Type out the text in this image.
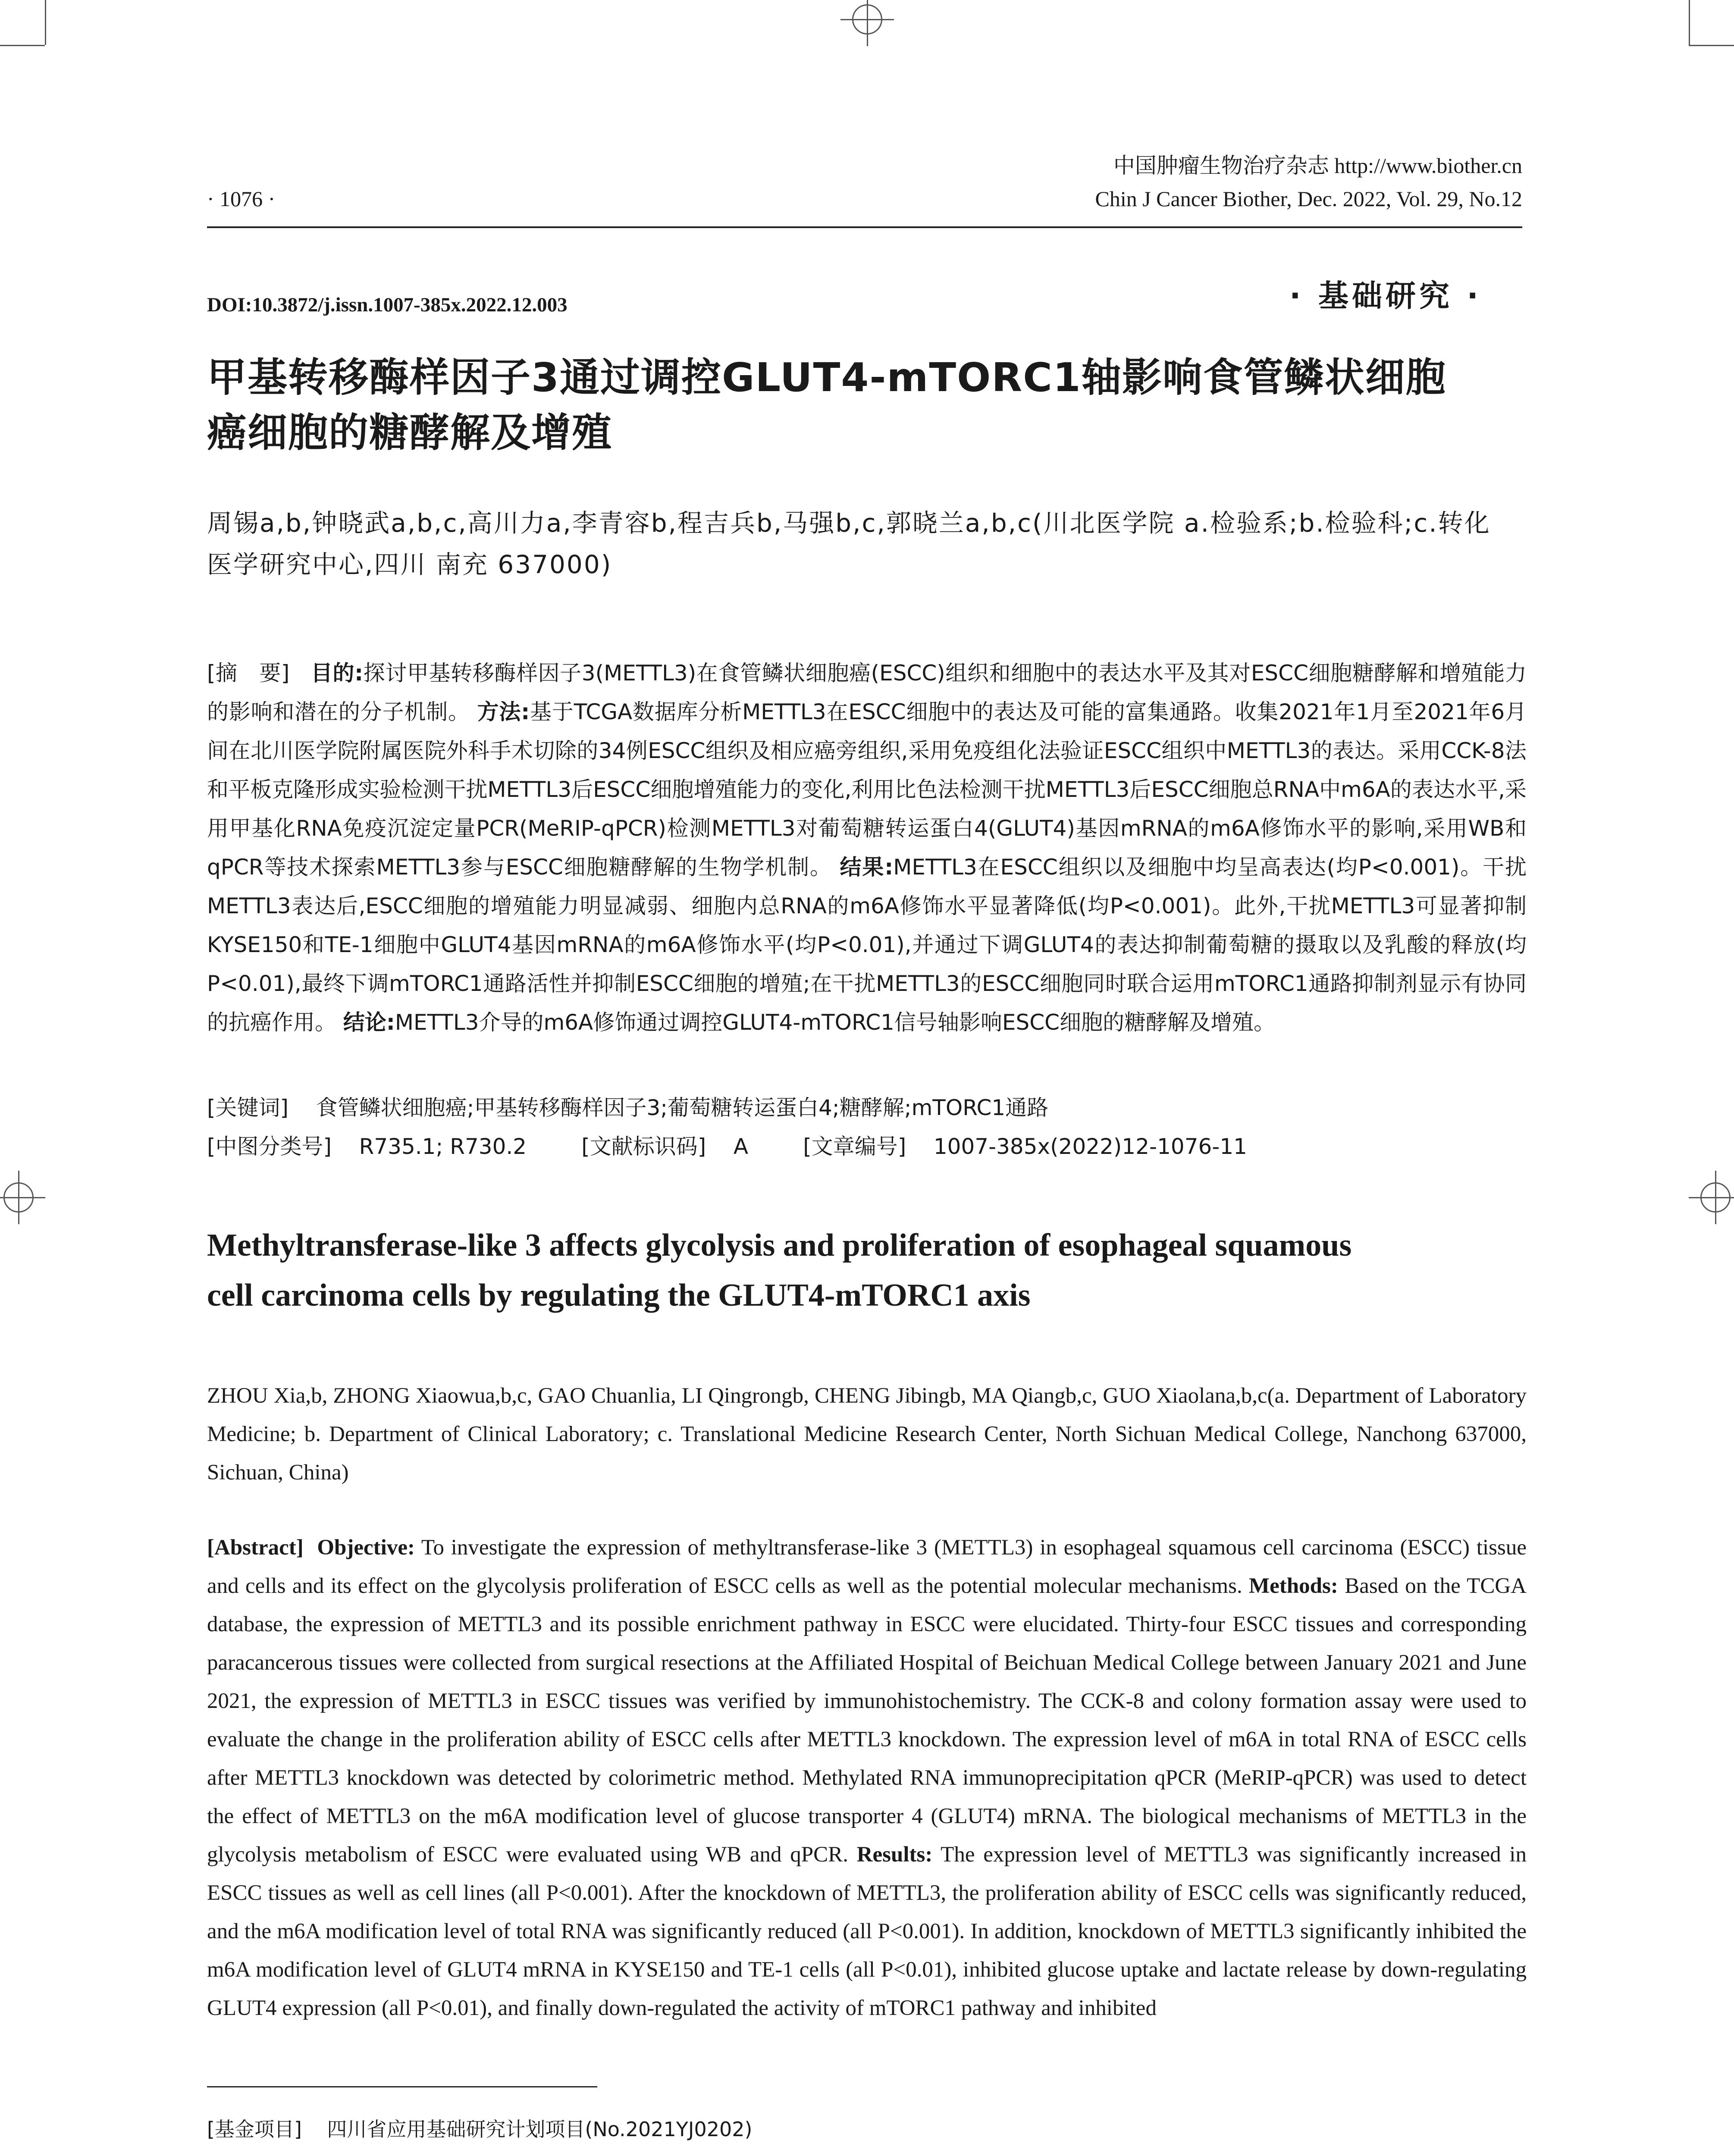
· 1076 ·
中国肿瘤生物治疗杂志 http://www.biother.cn
Chin J Cancer Biother, Dec. 2022, Vol. 29, No.12
DOI:10.3872/j.issn.1007-385x.2022.12.003	· 基础研究 ·
甲基转移酶样因子3通过调控GLUT4-mTORC1轴影响食管鳞状细胞
癌细胞的糖酵解及增殖
周锡a,b,钟晓武a,b,c,高川力a,李青容b,程吉兵b,马强b,c,郭晓兰a,b,c(川北医学院 a.检验系;b.检验科;c.转化
医学研究中心,四川 南充 637000)
[摘　要] 目的:探讨甲基转移酶样因子3(METTL3)在食管鳞状细胞癌(ESCC)组织和细胞中的表达水平及其对ESCC细胞糖酵解和增殖能力的影响和潜在的分子机制。 方法:基于TCGA数据库分析METTL3在ESCC细胞中的表达及可能的富集通路。收集2021年1月至2021年6月间在北川医学院附属医院外科手术切除的34例ESCC组织及相应癌旁组织,采用免疫组化法验证ESCC组织中METTL3的表达。采用CCK-8法和平板克隆形成实验检测干扰METTL3后ESCC细胞增殖能力的变化,利用比色法检测干扰METTL3后ESCC细胞总RNA中m6A的表达水平,采用甲基化RNA免疫沉淀定量PCR(MeRIP-qPCR)检测METTL3对葡萄糖转运蛋白4(GLUT4)基因mRNA的m6A修饰水平的影响,采用WB和qPCR等技术探索METTL3参与ESCC细胞糖酵解的生物学机制。 结果:METTL3在ESCC组织以及细胞中均呈高表达(均P<0.001)。干扰METTL3表达后,ESCC细胞的增殖能力明显减弱、细胞内总RNA的m6A修饰水平显著降低(均P<0.001)。此外,干扰METTL3可显著抑制KYSE150和TE-1细胞中GLUT4基因mRNA的m6A修饰水平(均P<0.01),并通过下调GLUT4的表达抑制葡萄糖的摄取以及乳酸的释放(均P<0.01),最终下调mTORC1通路活性并抑制ESCC细胞的增殖;在干扰METTL3的ESCC细胞同时联合运用mTORC1通路抑制剂显示有协同的抗癌作用。 结论:METTL3介导的m6A修饰通过调控GLUT4-mTORC1信号轴影响ESCC细胞的糖酵解及增殖。
[关键词] 食管鳞状细胞癌;甲基转移酶样因子3;葡萄糖转运蛋白4;糖酵解;mTORC1通路
[中图分类号] R735.1; R730.2	[文献标识码] A	[文章编号] 1007-385x(2022)12-1076-11
Methyltransferase-like 3 affects glycolysis and proliferation of esophageal squamous
cell carcinoma cells by regulating the GLUT4-mTORC1 axis
ZHOU Xia,b, ZHONG Xiaowua,b,c, GAO Chuanlia, LI Qingrongb, CHENG Jibingb, MA Qiangb,c, GUO Xiaolana,b,c(a. Department of Laboratory Medicine; b. Department of Clinical Laboratory; c. Translational Medicine Research Center, North Sichuan Medical College, Nanchong 637000, Sichuan, China)
[Abstract] Objective: To investigate the expression of methyltransferase-like 3 (METTL3) in esophageal squamous cell carcinoma (ESCC) tissue and cells and its effect on the glycolysis proliferation of ESCC cells as well as the potential molecular mechanisms. Methods: Based on the TCGA database, the expression of METTL3 and its possible enrichment pathway in ESCC were elucidated. Thirty-four ESCC tissues and corresponding paracancerous tissues were collected from surgical resections at the Affiliated Hospital of Beichuan Medical College between January 2021 and June 2021, the expression of METTL3 in ESCC tissues was verified by immunohistochemistry. The CCK-8 and colony formation assay were used to evaluate the change in the proliferation ability of ESCC cells after METTL3 knockdown. The expression level of m6A in total RNA of ESCC cells after METTL3 knockdown was detected by colorimetric method. Methylated RNA immunoprecipitation qPCR (MeRIP-qPCR) was used to detect the effect of METTL3 on the m6A modification level of glucose transporter 4 (GLUT4) mRNA. The biological mechanisms of METTL3 in the glycolysis metabolism of ESCC were evaluated using WB and qPCR. Results: The expression level of METTL3 was significantly increased in ESCC tissues as well as cell lines (all P<0.001). After the knockdown of METTL3, the proliferation ability of ESCC cells was significantly reduced, and the m6A modification level of total RNA was significantly reduced (all P<0.001). In addition, knockdown of METTL3 significantly inhibited the m6A modification level of GLUT4 mRNA in KYSE150 and TE-1 cells (all P<0.01), inhibited glucose uptake and lactate release by down-regulating GLUT4 expression (all P<0.01), and finally down-regulated the activity of mTORC1 pathway and inhibited
[基金项目] 四川省应用基础研究计划项目(No.2021YJ0202)
